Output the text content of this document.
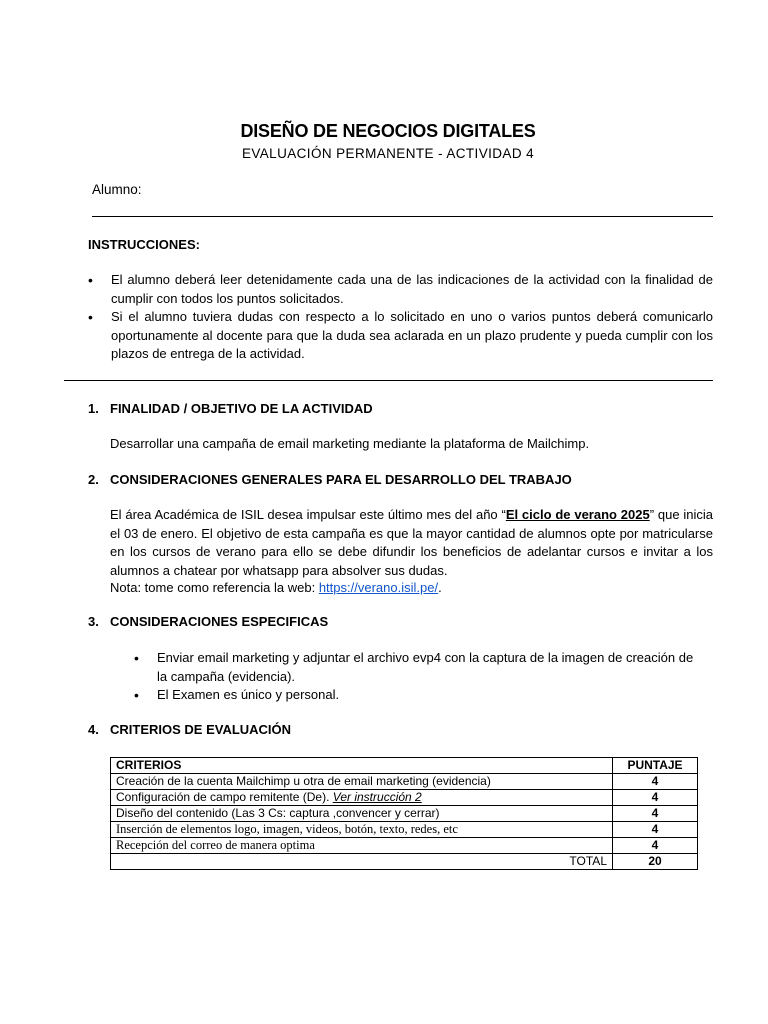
DISEÑO DE NEGOCIOS DIGITALES
EVALUACIÓN PERMANENTE - ACTIVIDAD 4
Alumno:
INSTRUCCIONES:
• El alumno deberá leer detenidamente cada una de las indicaciones de la actividad con la finalidad de cumplir con todos los puntos solicitados.
• Si el alumno tuviera dudas con respecto a lo solicitado en uno o varios puntos deberá comunicarlo oportunamente al docente para que la duda sea aclarada en un plazo prudente y pueda cumplir con los plazos de entrega de la actividad.
1. FINALIDAD / OBJETIVO DE LA ACTIVIDAD
Desarrollar una campaña de email marketing mediante la plataforma de Mailchimp.
2. CONSIDERACIONES GENERALES PARA EL DESARROLLO DEL TRABAJO
El área Académica de ISIL desea impulsar este último mes del año “El ciclo de verano 2025” que inicia el 03 de enero. El objetivo de esta campaña es que la mayor cantidad de alumnos opte por matricularse en los cursos de verano para ello se debe difundir los beneficios de adelantar cursos e invitar a los alumnos a chatear por whatsapp para absolver sus dudas.
Nota: tome como referencia la web: https://verano.isil.pe/.
3. CONSIDERACIONES ESPECIFICAS
• Enviar email marketing y adjuntar el archivo evp4 con la captura de la imagen de creación de la campaña (evidencia).
• El Examen es único y personal.
4. CRITERIOS DE EVALUACIÓN
CRITERIOS	PUNTAJE
Creación de la cuenta Mailchimp u otra de email marketing (evidencia)	4
Configuración de campo remitente (De). Ver instrucción 2	4
Diseño del contenido (Las 3 Cs: captura ,convencer y cerrar)	4
Inserción de elementos logo, imagen, videos, botón, texto, redes, etc	4
Recepción del correo de manera optima	4
TOTAL	20
